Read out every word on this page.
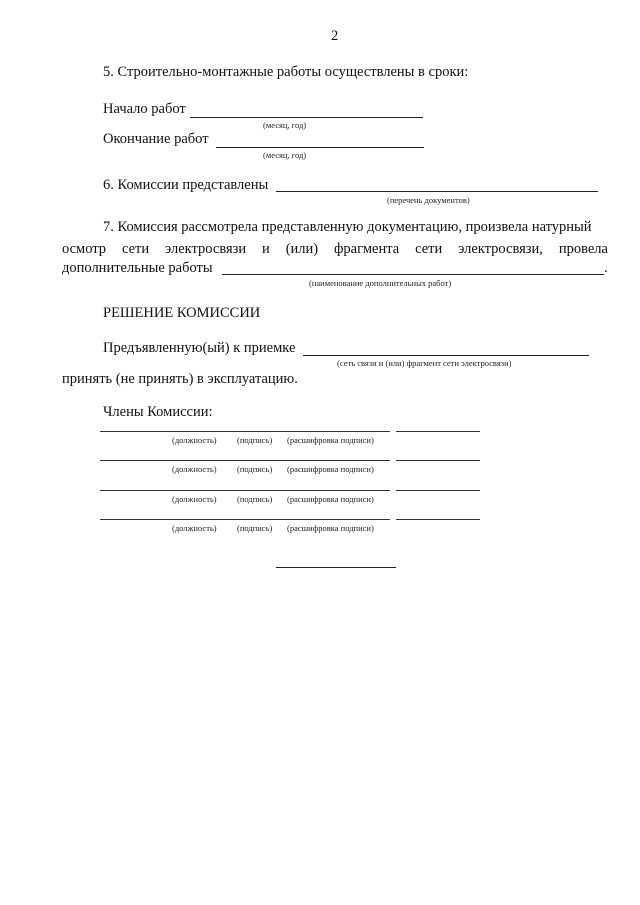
2
5. Строительно-монтажные работы осуществлены в сроки:
Начало работ
(месяц, год)
Окончание работ
(месяц, год)
6. Комиссии представлены
(перечень документов)
7. Комиссия рассмотрела представленную документацию, произвела натурный
осмотр сети электросвязи и (или) фрагмента сети электросвязи, провела
дополнительные работы	.
(наименование дополнительных работ)
РЕШЕНИЕ КОМИССИИ
Предъявленную(ый) к приемке
(сеть связи и (или) фрагмент сети электросвязи)
принять (не принять) в эксплуатацию.
Члены Комиссии:
(должность) (подпись) (расшифровка подписи)
(должность) (подпись) (расшифровка подписи)
(должность) (подпись) (расшифровка подписи)
(должность) (подпись) (расшифровка подписи)
